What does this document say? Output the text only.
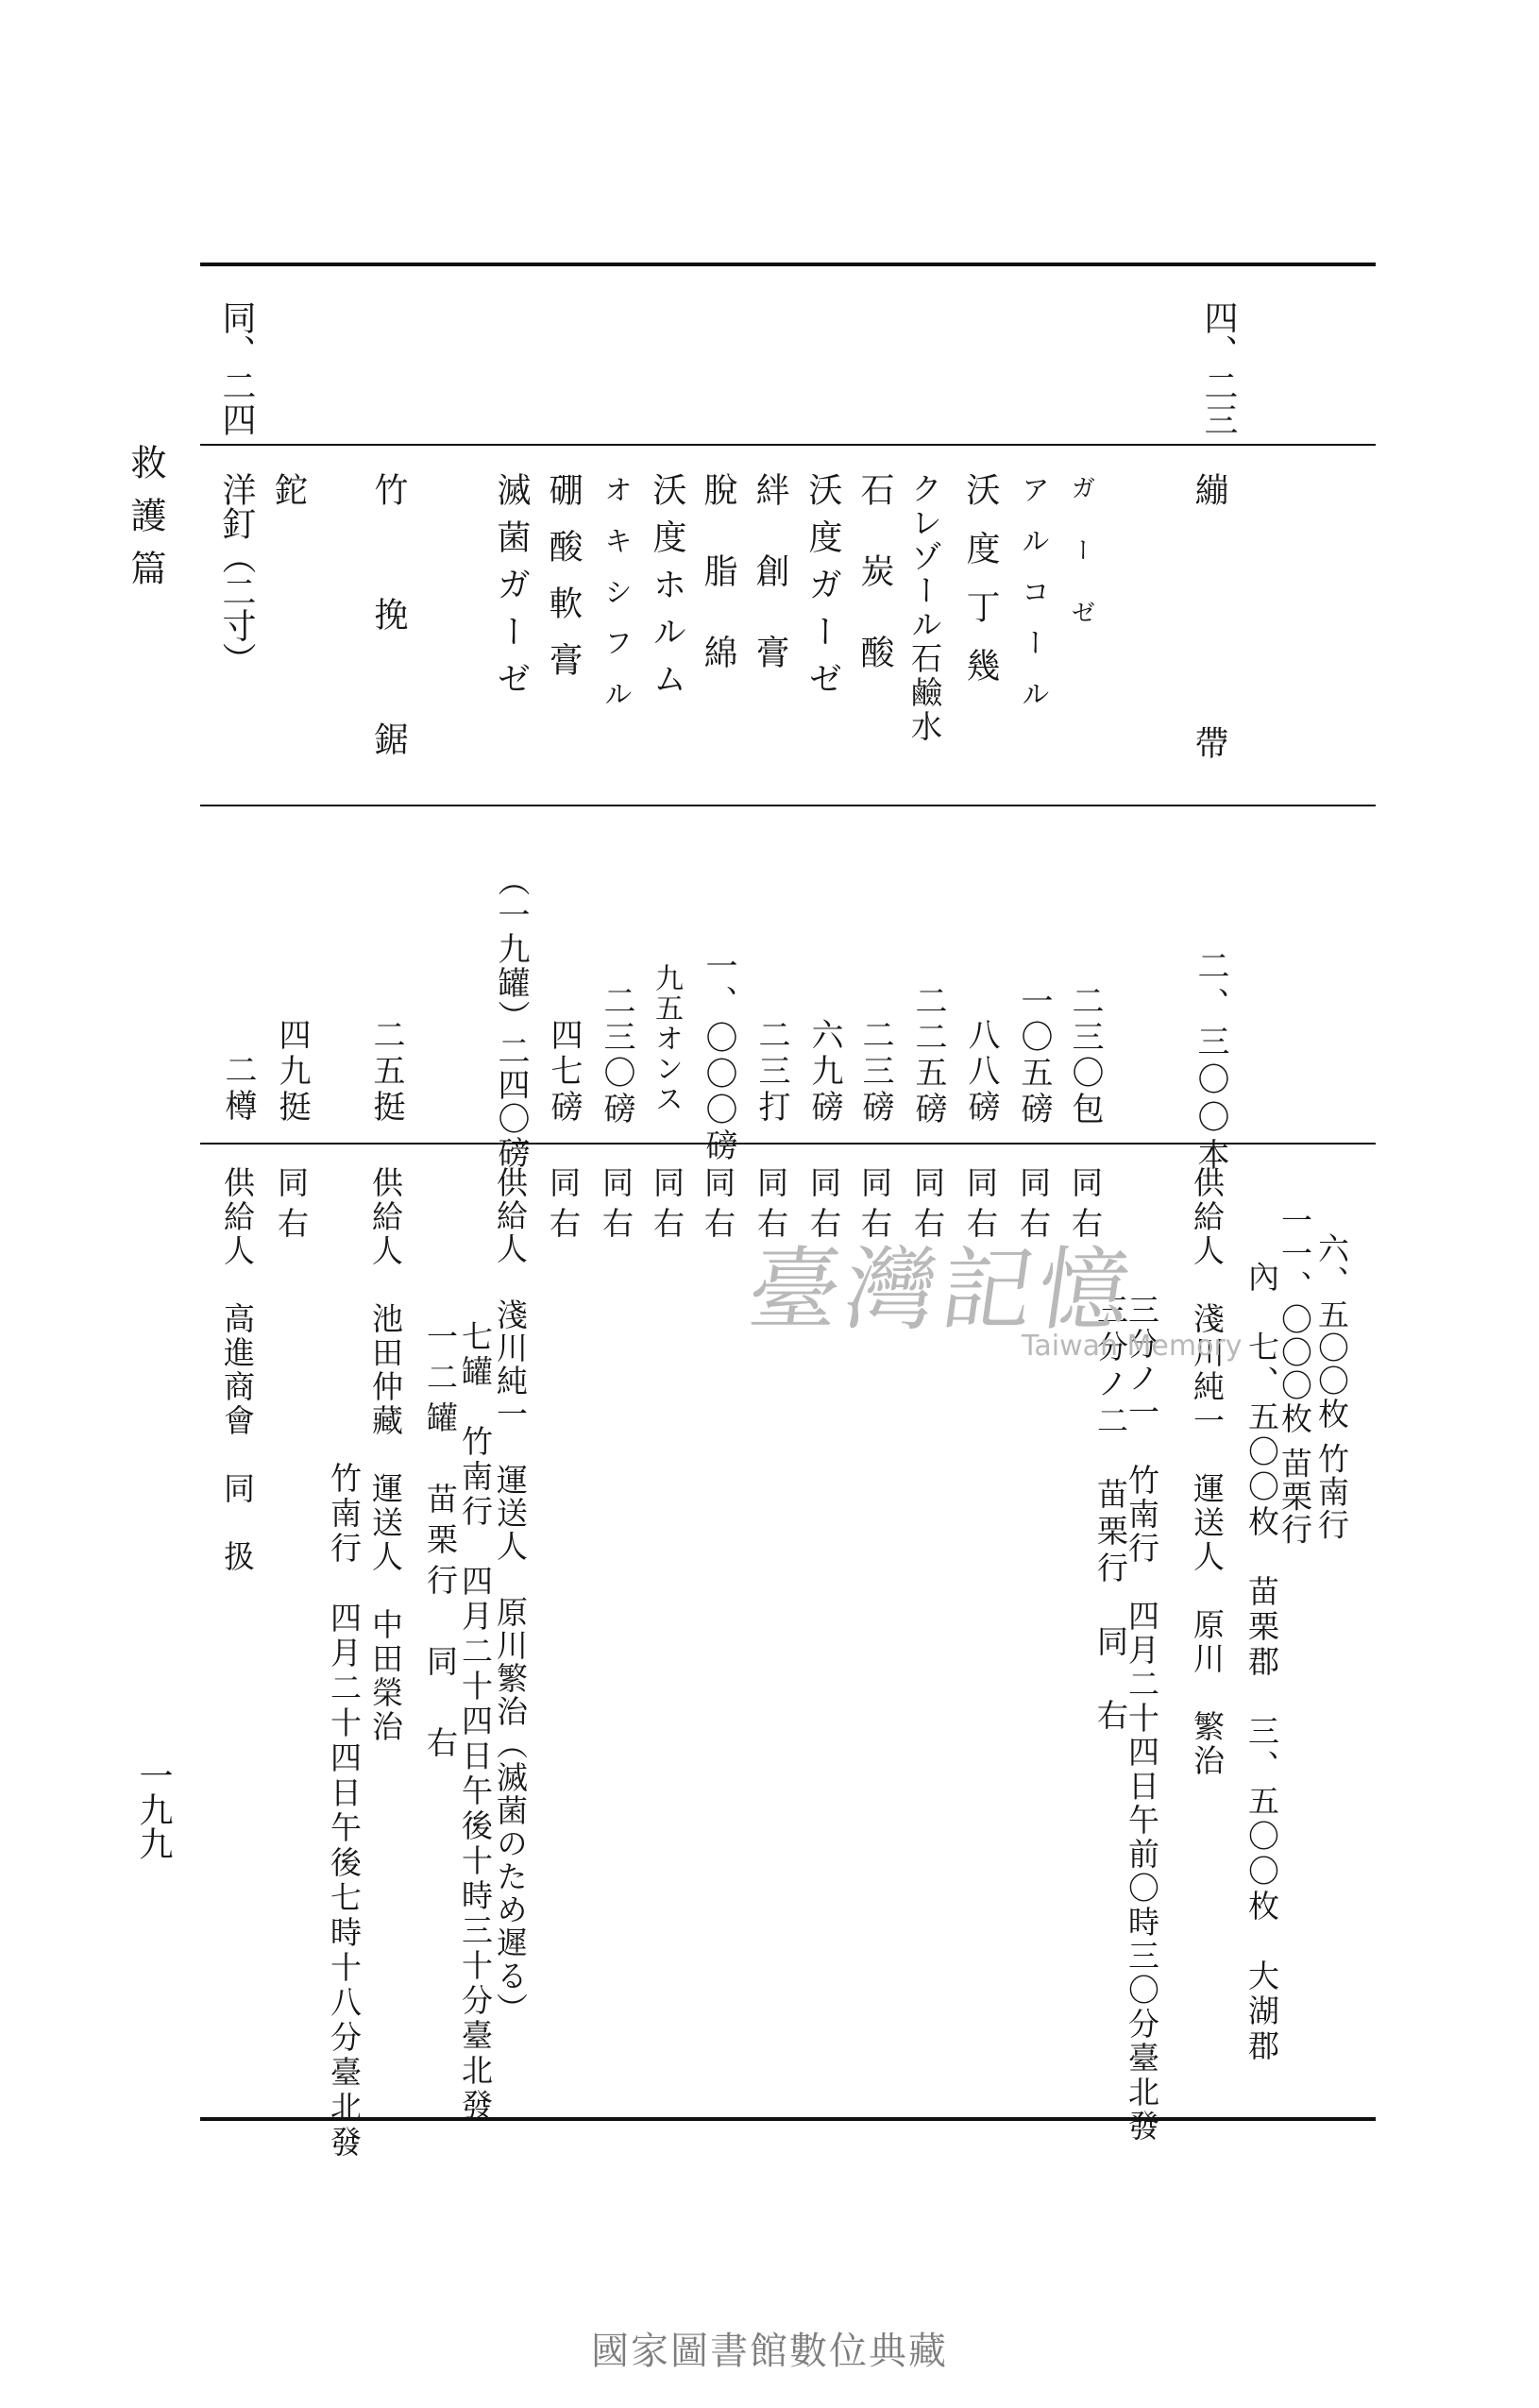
救護篇
一九九
四、二三
同、二四
繃帶
ガーゼ
アルコール
沃度丁幾
クレゾール石鹼水
石炭酸
沃度ガーゼ
絆創膏
脫脂綿
沃度ホルム
オキシフル
硼酸軟膏
滅菌ガーゼ
竹挽鋸
鉈
洋釘（二寸）
二、三〇〇本
二三〇包
一〇五磅
八八磅
二二五磅
二三磅
六九磅
二三打
一、〇〇〇磅
九五オンス
二三〇磅
四七磅
（一九罐）二四〇磅
二五挺
四九挺
二樽
供給人　淺川純一　運送人　原川　繁治
同右
同右
同右
同右
同右
同右
同右
同右
同右
同右
同右
供給人　淺川純一　運送人　原川繁治（滅菌のため遲る）
供給人　池田仲藏　運送人　中田榮治
同右
供給人　高進商會　同　扱	六、五〇〇枚 竹南行
一一、〇〇〇枚 苗栗行
內　七、五〇〇枚　苗栗郡　三、五〇〇枚　大湖郡
三分ノ一　竹南行　四月二十四日午前〇時三〇分臺北發
三分ノ二　苗栗行　同　右
七罐　竹南行　四月二十四日午後十時三十分臺北發
一二罐　苗栗行　同　右
竹南行　四月二十四日午後七時十八分臺北發
臺灣記憶
Taiwan Memory
國家圖書館數位典藏
